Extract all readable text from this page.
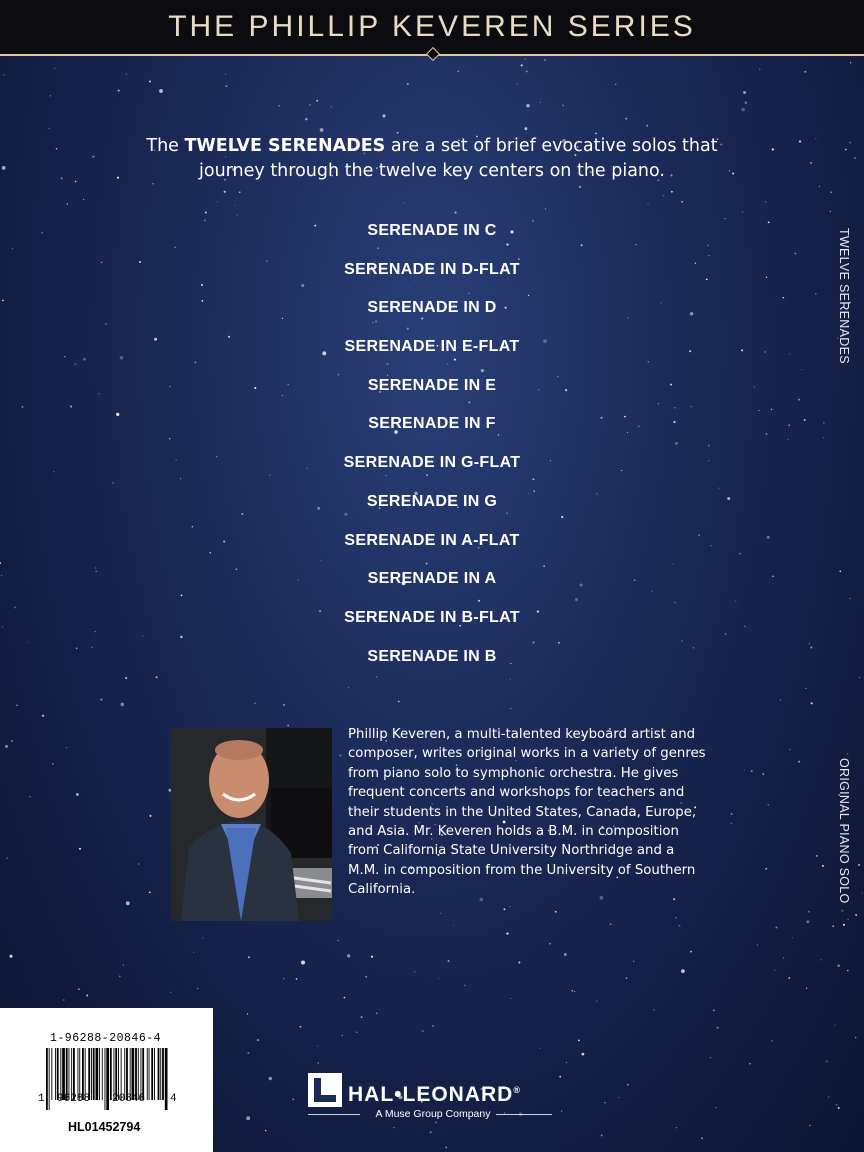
THE PHILLIP KEVEREN SERIES
The TWELVE SERENADES are a set of brief evocative solos that journey through the twelve key centers on the piano.
SERENADE IN C
SERENADE IN D-FLAT
SERENADE IN D
SERENADE IN E-FLAT
SERENADE IN E
SERENADE IN F
SERENADE IN G-FLAT
SERENADE IN G
SERENADE IN A-FLAT
SERENADE IN A
SERENADE IN B-FLAT
SERENADE IN B
Phillip Keveren, a multi-talented keyboard artist and composer, writes original works in a variety of genres from piano solo to symphonic orchestra. He gives frequent concerts and workshops for teachers and their students in the United States, Canada, Europe, and Asia. Mr. Keveren holds a B.M. in composition from California State University Northridge and a M.M. in composition from the University of Southern California.
TWELVE SERENADES
ORIGINAL PIANO SOLO
1-96288-20846-4
1 96288 20846 4
HL01452794
HAL•LEONARD®
A Muse Group Company
